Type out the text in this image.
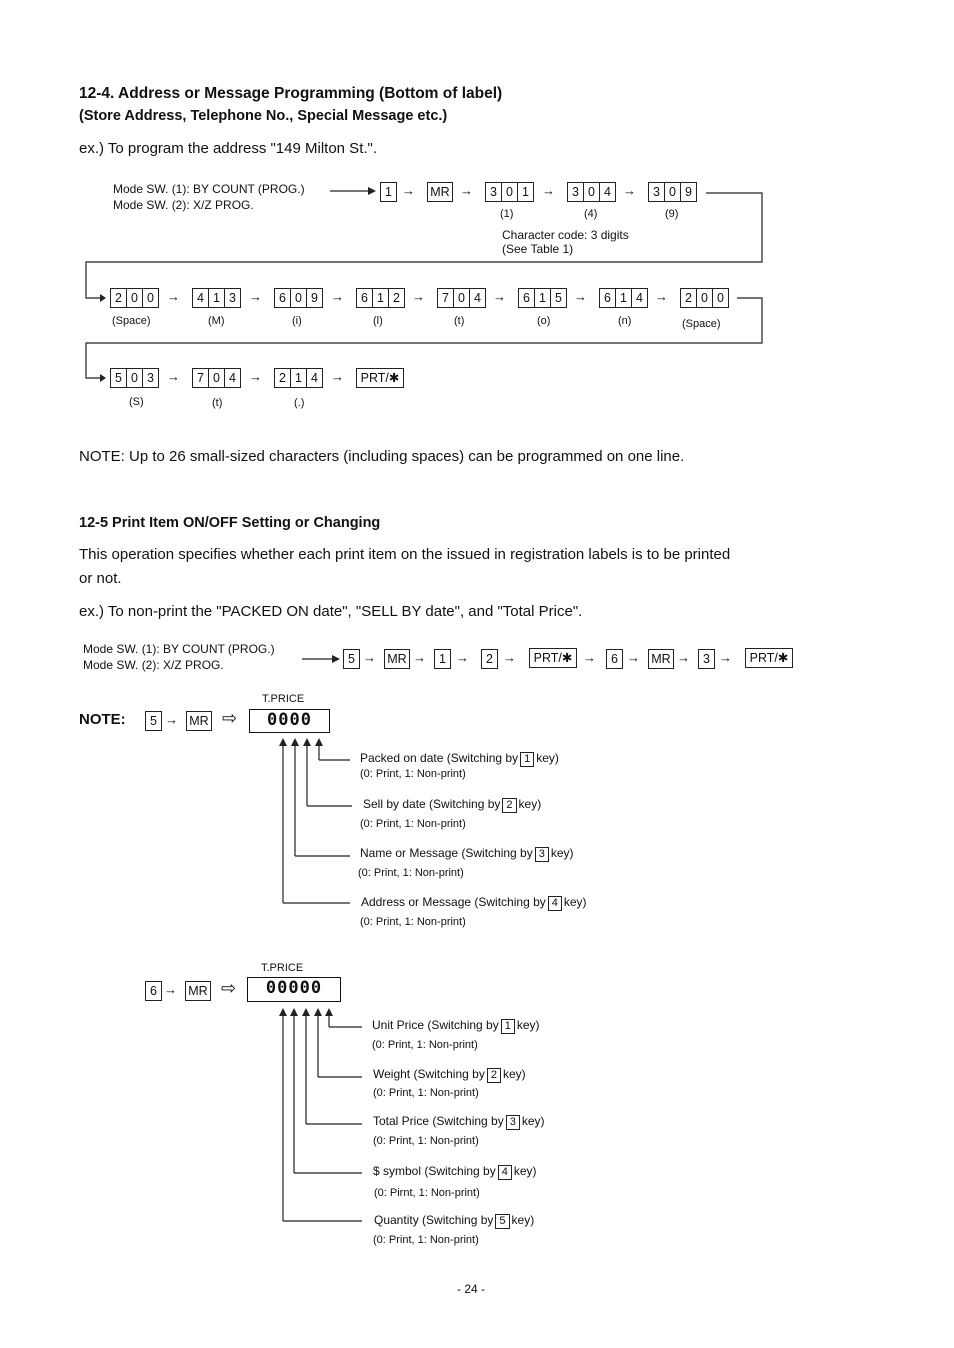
12-4. Address or Message Programming (Bottom of label)
(Store Address, Telephone No., Special Message etc.)
ex.) To program the address "149 Milton St.".
Mode SW. (1): BY COUNT (PROG.)
Mode SW. (2): X/Z PROG.
1 → MR →	3 0 1	→	3 0 4 →	3 0 9
(1)	(4)	(9)
Character code: 3 digits
(See Table 1)
2 0 0	→	4 1 3	→	6 0 9	→	6 1 2 →	7 0 4 →	6 1 5 →	6 1 4 →	2 0 0
(Space)	(M)	(i)	(l)	(t)	(o)	(n)	(Space)
5 0 3	→	7 0 4	→	2 1 4	→ PRT/✱
(S)	(t)	(.)
NOTE: Up to 26 small-sized characters (including spaces) can be programmed on one line.
12-5 Print Item ON/OFF Setting or Changing
This operation specifies whether each print item on the issued in registration labels is to be printed
or not.
ex.) To non-print the "PACKED ON date", "SELL BY date", and "Total Price".
Mode SW. (1): BY COUNT (PROG.)
Mode SW. (2): X/Z PROG.	5 → MR →	1 →	2 → PRT/✱ →	6 → MR →	3 → PRT/✱
NOTE:	5 → MR ⇨
T.PRICE
0000
Packed on date (Switching by 1 key)
(0: Print, 1: Non-print)
Sell by date (Switching by 2 key)
(0: Print, 1: Non-print)
Name or Message (Switching by 3 key)
(0: Print, 1: Non-print)
Address or Message (Switching by 4 key)
(0: Print, 1: Non-print)
6 → MR ⇨
T.PRICE
00000
Unit Price (Switching by 1 key)
(0: Print, 1: Non-print)
Weight (Switching by 2 key)
(0: Print, 1: Non-print)
Total Price (Switching by 3 key)
(0: Print, 1: Non-print)
$ symbol (Switching by 4 key)
(0: Pirnt, 1: Non-print)
Quantity (Switching by 5 key)
(0: Print, 1: Non-print)
- 24 -
